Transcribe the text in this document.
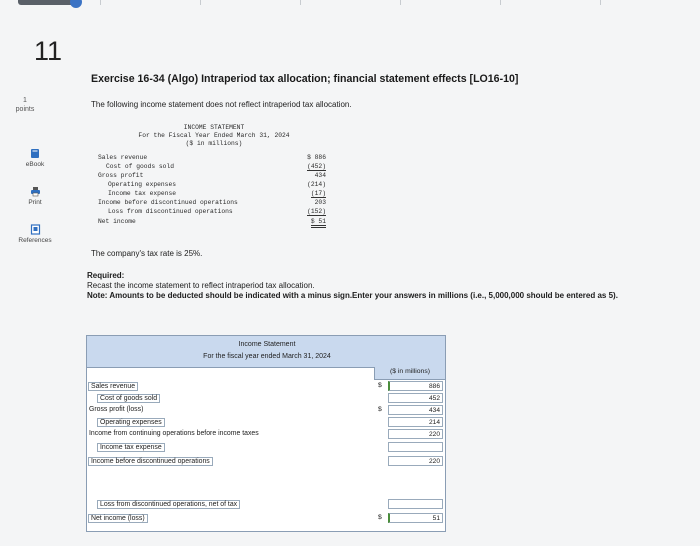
11
1
points
eBook
Print
References
Exercise 16-34 (Algo) Intraperiod tax allocation; financial statement effects [LO16-10]
The following income statement does not reflect intraperiod tax allocation.
INCOME STATEMENT
For the Fiscal Year Ended March 31, 2024
($ in millions)
Sales revenue	$ 886
Cost of goods sold	(452)
Gross profit	434
Operating expenses	(214)
Income tax expense	(17)
Income before discontinued operations	203
Loss from discontinued operations	(152)
Net income	$ 51
The company's tax rate is 25%.
Required:
Recast the income statement to reflect intraperiod tax allocation.
Note: Amounts to be deducted should be indicated with a minus sign.Enter your answers in millions (i.e., 5,000,000 should be entered as 5).
Income Statement
For the fiscal year ended March 31, 2024
($ in millions)
Sales revenue	$	886
Cost of goods sold	452
Gross profit (loss)	$	434
Operating expenses	214
Income from continuing operations before income taxes	220
Income tax expense
Income before discontinued operations	220
Loss from discontinued operations, net of tax
Net income (loss)	$	51
